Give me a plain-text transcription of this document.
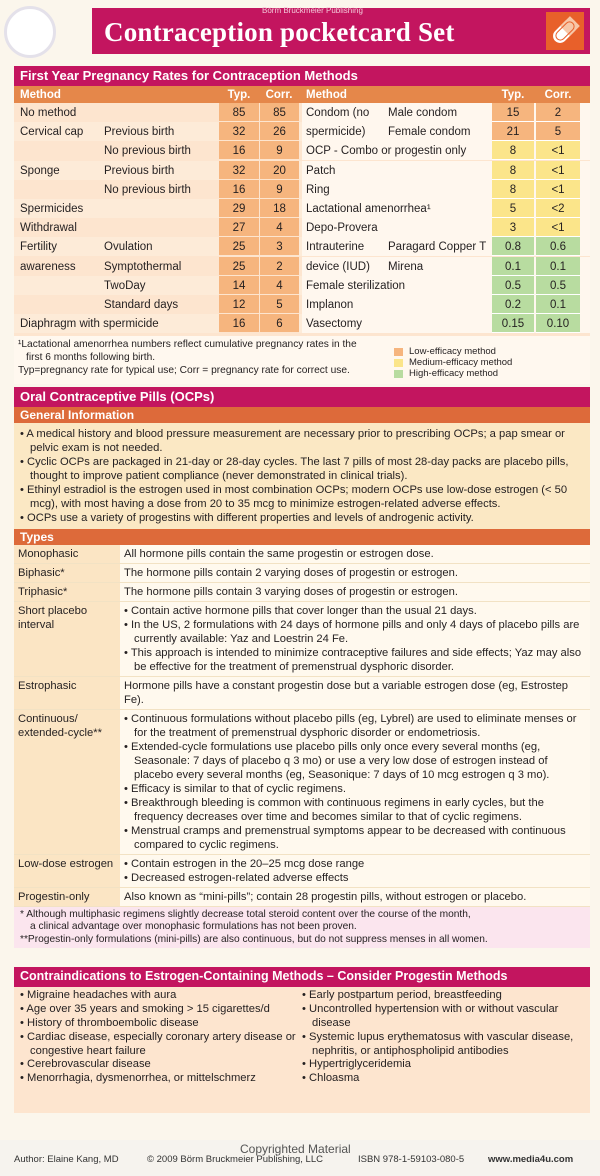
Börm Bruckmeier Publishing
Contraception pocketcard Set
First Year Pregnancy Rates for Contraception Methods
Method	Typ.	Corr.	Method	Typ.	Corr.
No method	85	85
Cervical cap Previous birth	32	26
No previous birth	16	9
Sponge	Previous birth	32	20
No previous birth	16	9
Spermicides	29	18
Withdrawal	27	4
Fertility	Ovulation	25	3
awareness Symptothermal	25	2
TwoDay	14	4
Standard days	12	5
Diaphragm with spermicide	16	6
Condom (no Male condom	15	2
spermicide) Female condom	21	5
OCP - Combo or progestin only	8	<1
Patch	8	<1
Ring	8	<1
Lactational amenorrhea¹	5	<2
Depo-Provera	3	<1
Intrauterine Paragard Copper T	0.8	0.6
device (IUD) Mirena	0.1	0.1
Female sterilization	0.5	0.5
Implanon	0.2	0.1
Vasectomy	0.15	0.10
¹Lactational amenorrhea numbers reflect cumulative pregnancy rates in the
first 6 months following birth.
Typ=pregnancy rate for typical use; Corr = pregnancy rate for correct use.
Low-efficacy method
Medium-efficacy method
High-efficacy method
Oral Contraceptive Pills (OCPs)
General Information
• A medical history and blood pressure measurement are necessary prior to prescribing OCPs; a pap smear or pelvic exam is not needed.
• Cyclic OCPs are packaged in 21-day or 28-day cycles. The last 7 pills of most 28-day packs are placebo pills, thought to improve patient compliance (never demonstrated in clinical trials).
• Ethinyl estradiol is the estrogen used in most combination OCPs; modern OCPs use low-dose estrogen (< 50 mcg), with most having a dose from 20 to 35 mcg to minimize estrogen-related adverse effects.
• OCPs use a variety of progestins with different properties and levels of androgenic activity.
Types
Monophasic	All hormone pills contain the same progestin or estrogen dose.
Biphasic*	The hormone pills contain 2 varying doses of progestin or estrogen.
Triphasic*	The hormone pills contain 3 varying doses of progestin or estrogen.
Short placebo interval
• Contain active hormone pills that cover longer than the usual 21 days.
• In the US, 2 formulations with 24 days of hormone pills and only 4 days of placebo pills are currently available: Yaz and Loestrin 24 Fe.
• This approach is intended to minimize contraceptive failures and side effects; Yaz may also be effective for the treatment of premenstrual dysphoric disorder.
Estrophasic	Hormone pills have a constant progestin dose but a variable estrogen dose (eg, Estrostep Fe).
Continuous/ extended-cycle**
• Continuous formulations without placebo pills (eg, Lybrel) are used to eliminate menses or for the treatment of premenstrual dysphoric disorder or endometriosis.
• Extended-cycle formulations use placebo pills only once every several months (eg, Seasonale: 7 days of placebo q 3 mo) or use a very low dose of estrogen instead of placebo every several months (eg, Seasonique: 7 days of 10 mcg estrogen q 3 mo).
• Efficacy is similar to that of cyclic regimens.
• Breakthrough bleeding is common with continuous regimens in early cycles, but the frequency decreases over time and becomes similar to that of cyclic regimens.
• Menstrual cramps and premenstrual symptoms appear to be decreased with continuous compared to cyclic regimens.
Low-dose estrogen
•	Contain estrogen in the 20–25 mcg dose range
• Decreased estrogen-related adverse effects
Progestin-only	Also known as “mini-pills”; contain 28 progestin pills, without estrogen or placebo.
* Although multiphasic regimens slightly decrease total steroid content over the course of the month,
a clinical advantage over monophasic formulations has not been proven.
**Progestin-only formulations (mini-pills) are also continuous, but do not suppress menses in all women.
Contraindications to Estrogen-Containing Methods – Consider Progestin Methods
• Migraine headaches with aura
• Age over 35 years and smoking > 15 cigarettes/d
• History of thromboembolic disease
• Cardiac disease, especially coronary artery disease or congestive heart failure
• Cerebrovascular disease
• Menorrhagia, dysmenorrhea, or mittelschmerz
• Early postpartum period, breastfeeding
• Uncontrolled hypertension with or without vascular disease
• Systemic lupus erythematosus with vascular disease, nephritis, or antiphospholipid antibodies
• Hypertriglyceridemia
• Chloasma
Author: Elaine Kang, MD	© 2009 Börm Bruckmeier Publishing, LLC
Copyrighted Material
ISBN 978-1-59103-080-5	www.media4u.com
